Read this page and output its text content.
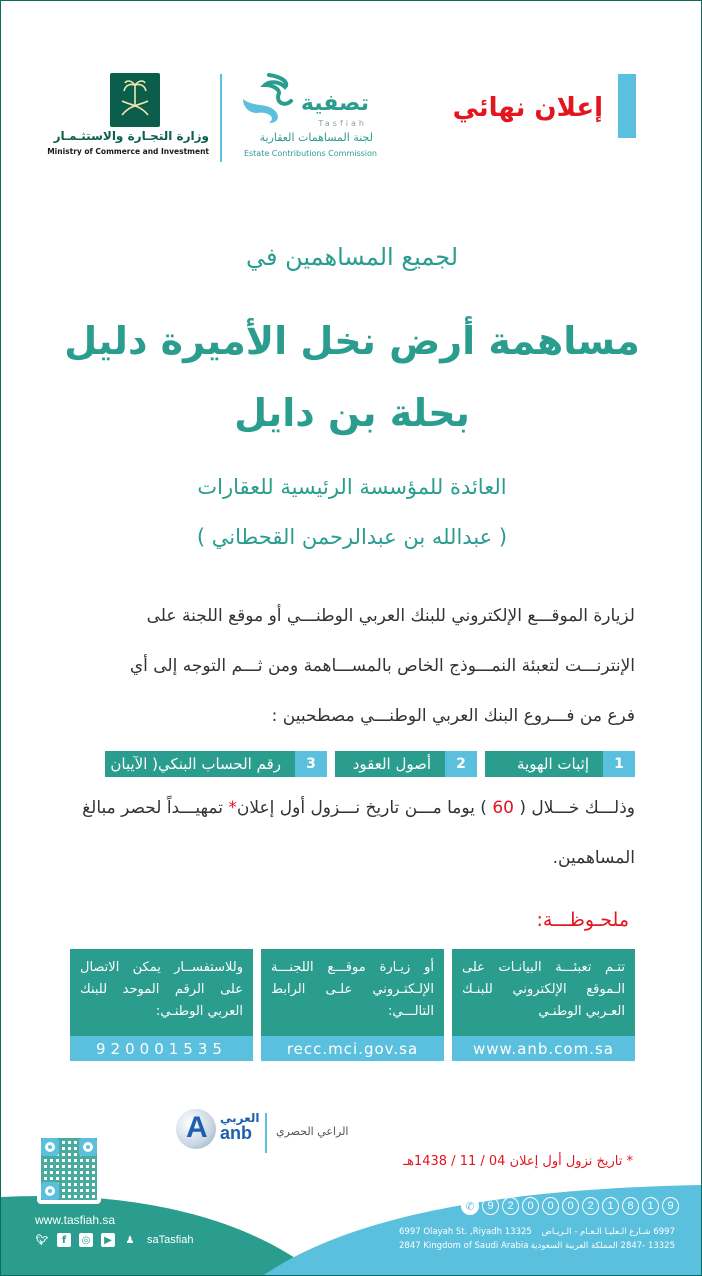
إعلان نهائي
تصفية
Tasfiah
لجنة المساهمات العقارية
Estate Contributions Commission
وزارة التجـارة والاستثـمـار
Ministry of Commerce and Investment
لجميع المساهمين في
مساهمة أرض نخل الأميرة دليل
بحلة بن دايل
العائدة للمؤسسة الرئيسية للعقارات
( عبدالله بن عبدالرحمن القحطاني )
لزيارة الموقـــع الإلكتروني للبنك العربي الوطنـــي أو موقع اللجنة على
الإنترنـــت لتعبئة النمـــوذج الخاص بالمســـاهمة ومن ثـــم التوجه إلى أي
فرع من فـــروع البنك العربي الوطنـــي مصطحبين :
1
إثبات الهوية
2
أصول العقود
3
رقم الحساب البنكي( الآيبان )
وذلـــك خـــلال ( 60 ) يوما مـــن تاريخ نـــزول أول إعلان* تمهيـــداً لحصر مبالغ
المساهمين.
ملحـوظـــة:
تتـم تعبئـــة البيانـات على الـموقع الإلكتروني للبنـك العـربي الوطنـي
www.anb.com.sa
أو زيـارة موقـــع اللجنـــة الإلـكتـروني علـى الرابط التالـــي:
recc.mci.gov.sa
وللاستفســار يمكن الاتصال على الرقم الموحد للبنك العربي الوطنـي:
920001535
A العربي
anb الراعي الحصري
* تاريخ نزول أول إعلان 04 / 11 / 1438هـ
www.tasfiah.sa
🐦︎	f	◎	▶	♟ saTasfiah
✆	9	2	0	0	0	2	1	8	1	9
6997 Olayah St. ,Riyadh 13325
2847 Kingdom of Saudi Arabia
6997 شـارع الـعليـا الـعـام - الـريـاض
13325 -2847 المملكة العربية السعودية
